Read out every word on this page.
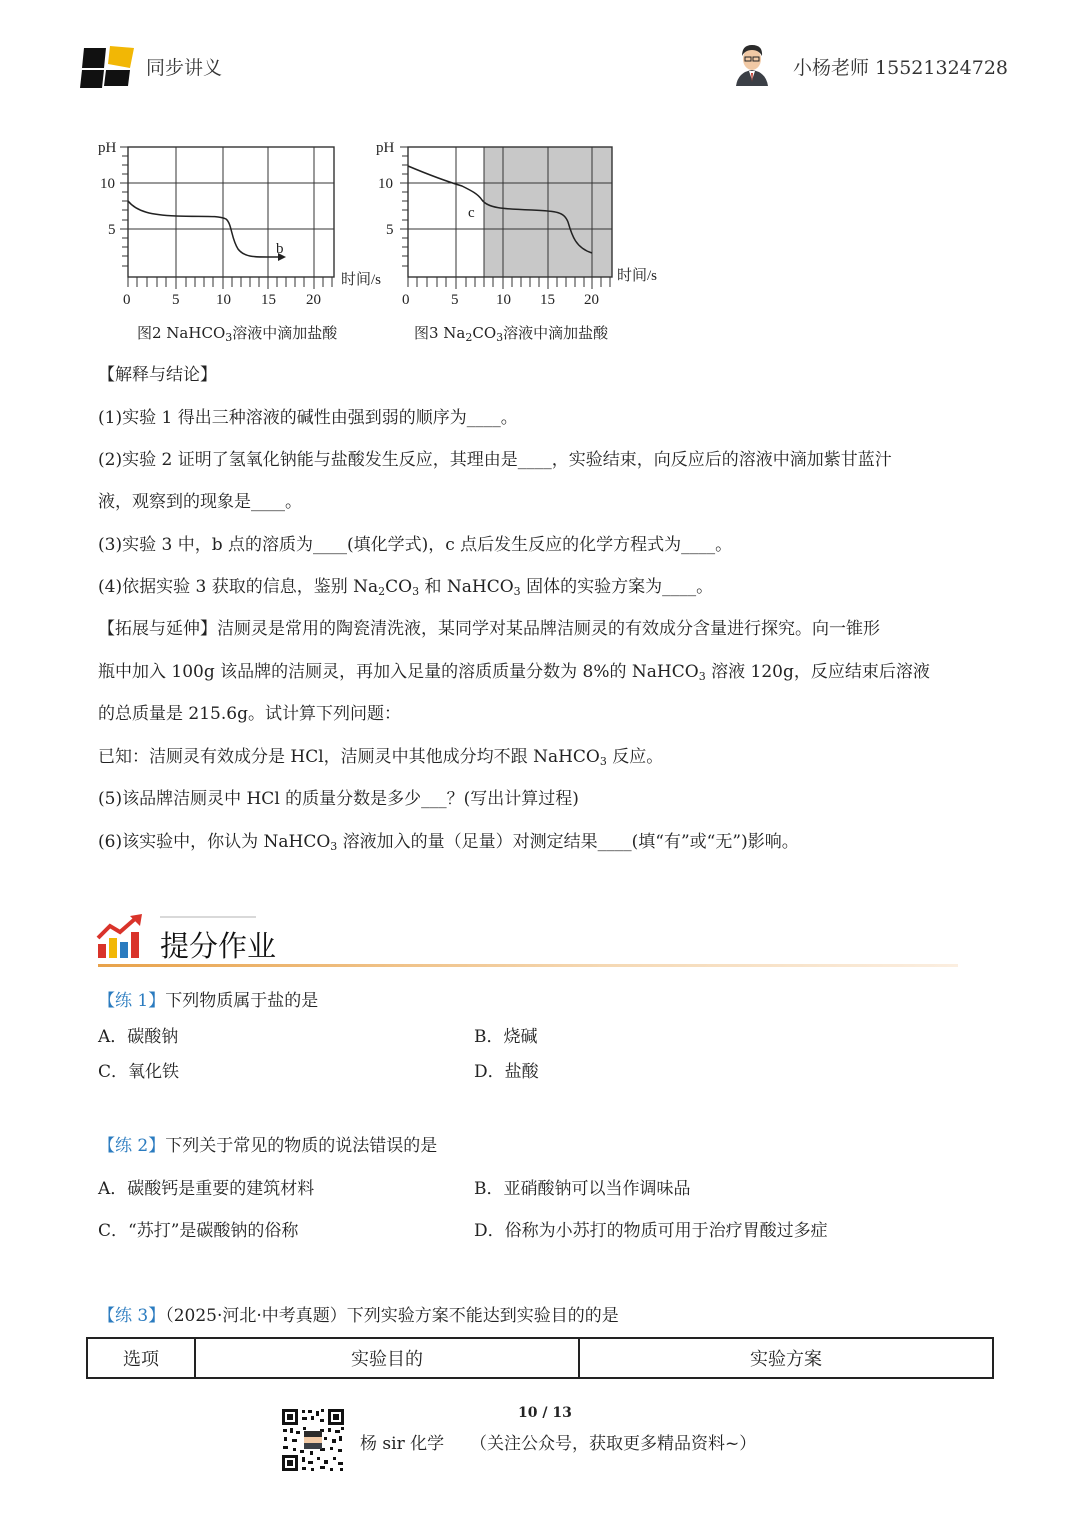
同步讲义	小杨老师 15521324728
pH
10
5
0	5 10 15 20
时间/s
b
图2 NaHCO$_3$溶液中滴加盐酸
pH
10
5
0	5	10 15 20
时间/s
c
图3 $Na_2CO_3$溶液中滴加盐酸
【解释与结论】
(1)实验 1 得出三种溶液的碱性由强到弱的顺序为____。
(2)实验 2 证明了氢氧化钠能与盐酸发生反应，其理由是____，实验结束，向反应后的溶液中滴加紫甘蓝汁
液，观察到的现象是____。
(3)实验 3 中，b 点的溶质为____(填化学式)，c 点后发生反应的化学方程式为____。
(4)依据实验 3 获取的信息，鉴别 $Na_2CO_3$ 和 NaHCO$_3$ 固体的实验方案为____。
【拓展与延伸】洁厕灵是常用的陶瓷清洗液，某同学对某品牌洁厕灵的有效成分含量进行探究。向一锥形
瓶中加入 100g 该品牌的洁厕灵，再加入足量的溶质质量分数为 8%的 NaHCO$_3$ 溶液 120g，反应结束后溶液
的总质量是 215.6g。试计算下列问题：
已知：洁厕灵有效成分是 HCl，洁厕灵中其他成分均不跟 NaHCO$_3$ 反应。
(5)该品牌洁厕灵中 HCl 的质量分数是多少___？(写出计算过程)
(6)该实验中，你认为 NaHCO$_3$ 溶液加入的量（足量）对测定结果____(填“有”或“无”)影响。
提分作业
【练 1】下列物质属于盐的是
A．碳酸钠	B．烧碱
C．氧化铁	D．盐酸
【练 2】下列关于常见的物质的说法错误的是
A．碳酸钙是重要的建筑材料	B．亚硝酸钠可以当作调味品
C．“苏打”是碳酸钠的俗称	D．俗称为小苏打的物质可用于治疗胃酸过多症
【练 3】（2025·河北·中考真题）下列实验方案不能达到实验目的的是
选项	实验目的	实验方案
10 / 13
杨 sir 化学 （关注公众号，获取更多精品资料~）
